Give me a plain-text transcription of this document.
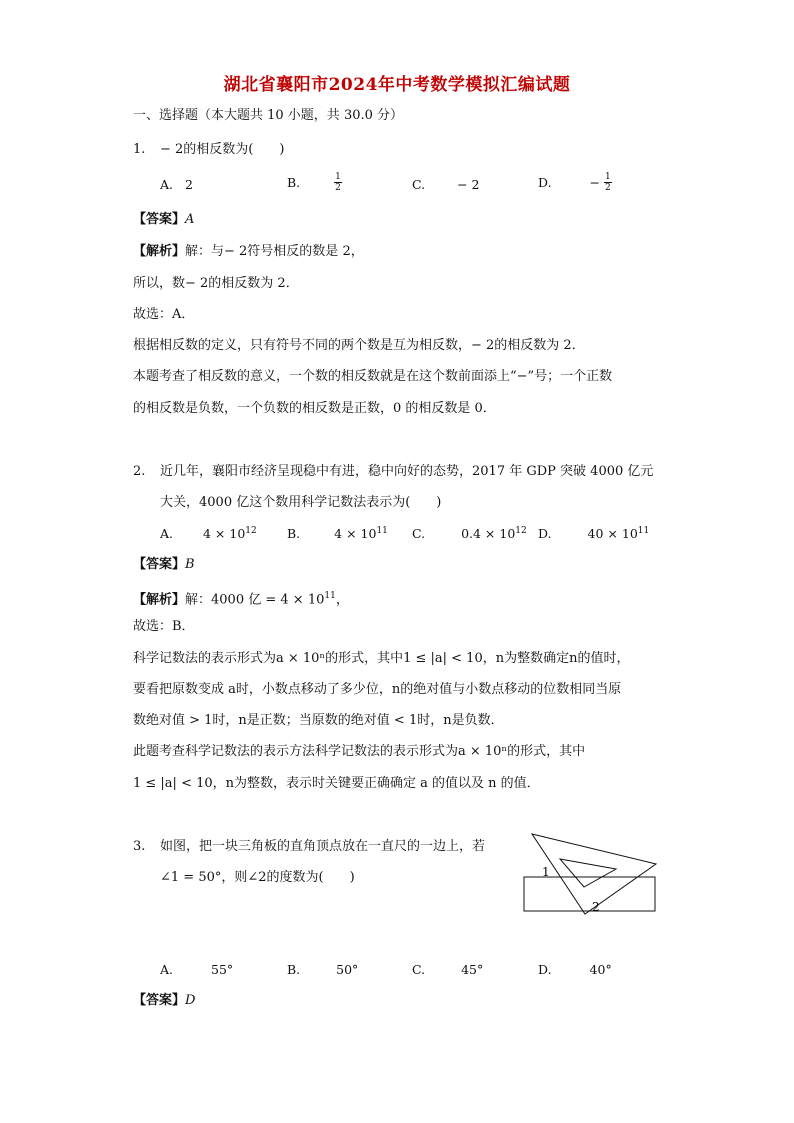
湖北省襄阳市2024年中考数学模拟汇编试题
一、选择题（本大题共 10 小题，共 30.0 分）
1. − 2的相反数为(　　)
A. 2	B.	$\frac{1}{2}$	C.	− 2	D.	− $\frac{1}{2}$
【答案】A
【解析】解：与− 2符号相反的数是 2，
所以，数− 2的相反数为 2．
故选：A．
根据相反数的定义，只有符号不同的两个数是互为相反数，− 2的相反数为 2．
本题考查了相反数的意义，一个数的相反数就是在这个数前面添上“−”号；一个正数
的相反数是负数，一个负数的相反数是正数，0 的相反数是 0．
2. 近几年，襄阳市经济呈现稳中有进，稳中向好的态势，2017 年 GDP 突破 4000 亿元
大关，4000 亿这个数用科学记数法表示为(　　)
A. $4 \times 10^{12}$ B.	$4 \times 10^{11}$ C.	$0.4 \times 10^{12}$ D.	$40 \times 10^{11}$
【答案】B
【解析】解：4000 亿 = $4 \times 10^{11}$，
故选：B．
科学记数法的表示形式为a × 10ⁿ的形式，其中1 ≤ |a| < 10，n为整数确定n的值时，
要看把原数变成 a时，小数点移动了多少位，n的绝对值与小数点移动的位数相同当原
数绝对值 > 1时，n是正数；当原数的绝对值 < 1时，n是负数．
此题考查科学记数法的表示方法科学记数法的表示形式为a × 10ⁿ的形式，其中
1 ≤ |a| < 10，n为整数，表示时关键要正确确定 a 的值以及 n 的值．
3. 如图，把一块三角板的直角顶点放在一直尺的一边上，若
∠1 = 50°，则∠2的度数为(　　)	1
2
A.	55°	B.	50°	C.	45°	D.	40°
【答案】D
